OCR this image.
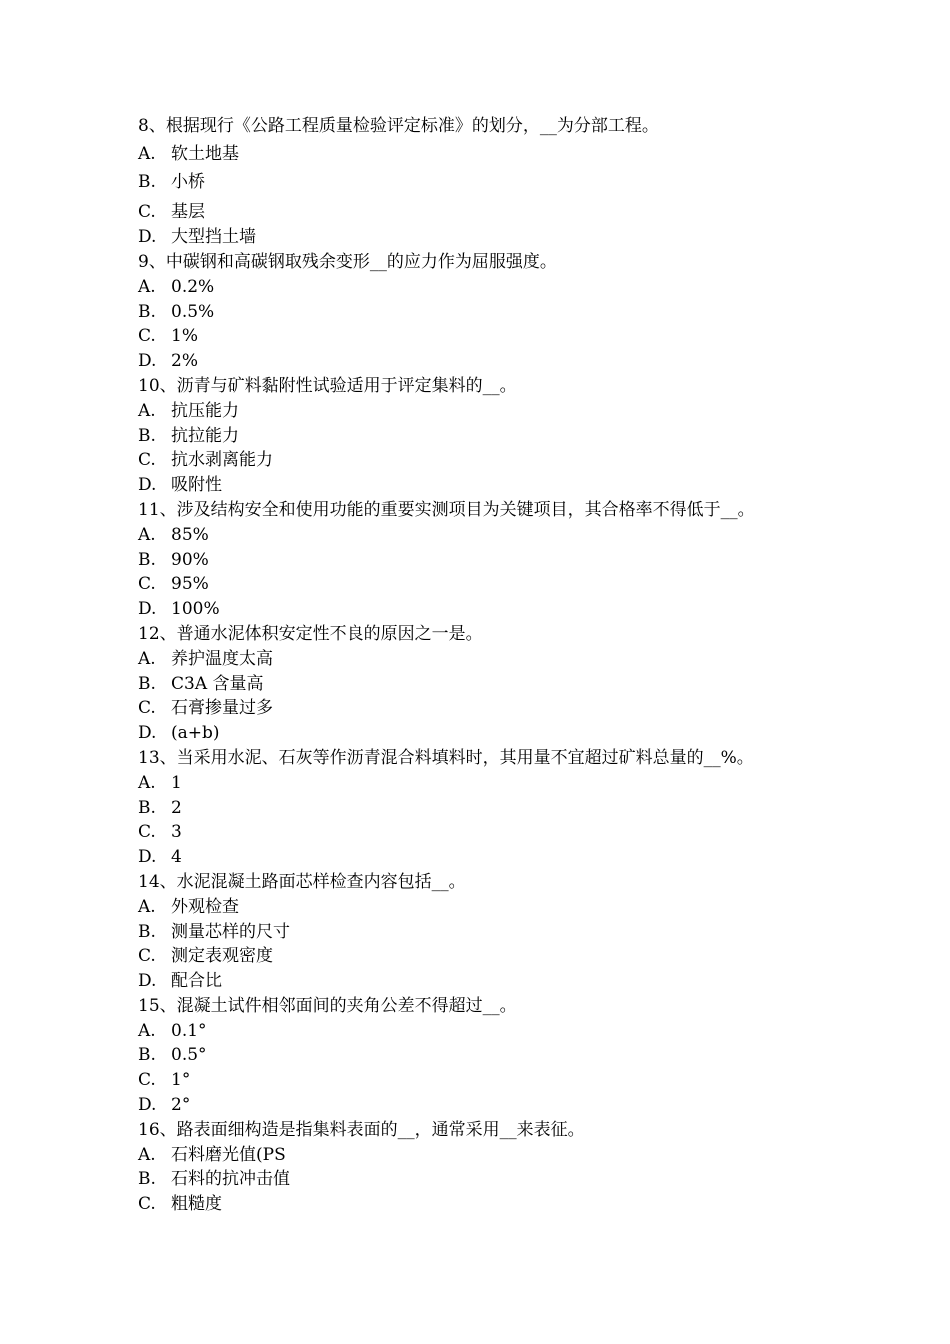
8、根据现行《公路工程质量检验评定标准》的划分，__为分部工程。
A. 软土地基
B. 小桥
C. 基层
D. 大型挡土墙
9、中碳钢和高碳钢取残余变形__的应力作为屈服强度。
A. 0.2%
B. 0.5%
C. 1%
D. 2%
10、沥青与矿料黏附性试验适用于评定集料的__。
A. 抗压能力
B. 抗拉能力
C. 抗水剥离能力
D. 吸附性
11、涉及结构安全和使用功能的重要实测项目为关键项目，其合格率不得低于__。
A. 85%
B. 90%
C. 95%
D. 100%
12、普通水泥体积安定性不良的原因之一是。
A. 养护温度太高
B. C3A 含量高
C. 石膏掺量过多
D. (a+b)
13、当采用水泥、石灰等作沥青混合料填料时，其用量不宜超过矿料总量的__%。
A. 1
B. 2
C. 3
D. 4
14、水泥混凝土路面芯样检查内容包括__。
A. 外观检查
B. 测量芯样的尺寸
C. 测定表观密度
D. 配合比
15、混凝土试件相邻面间的夹角公差不得超过__。
A. 0.1°
B. 0.5°
C. 1°
D. 2°
16、路表面细构造是指集料表面的__，通常采用__来表征。
A. 石料磨光值(PS
B. 石料的抗冲击值
C. 粗糙度
